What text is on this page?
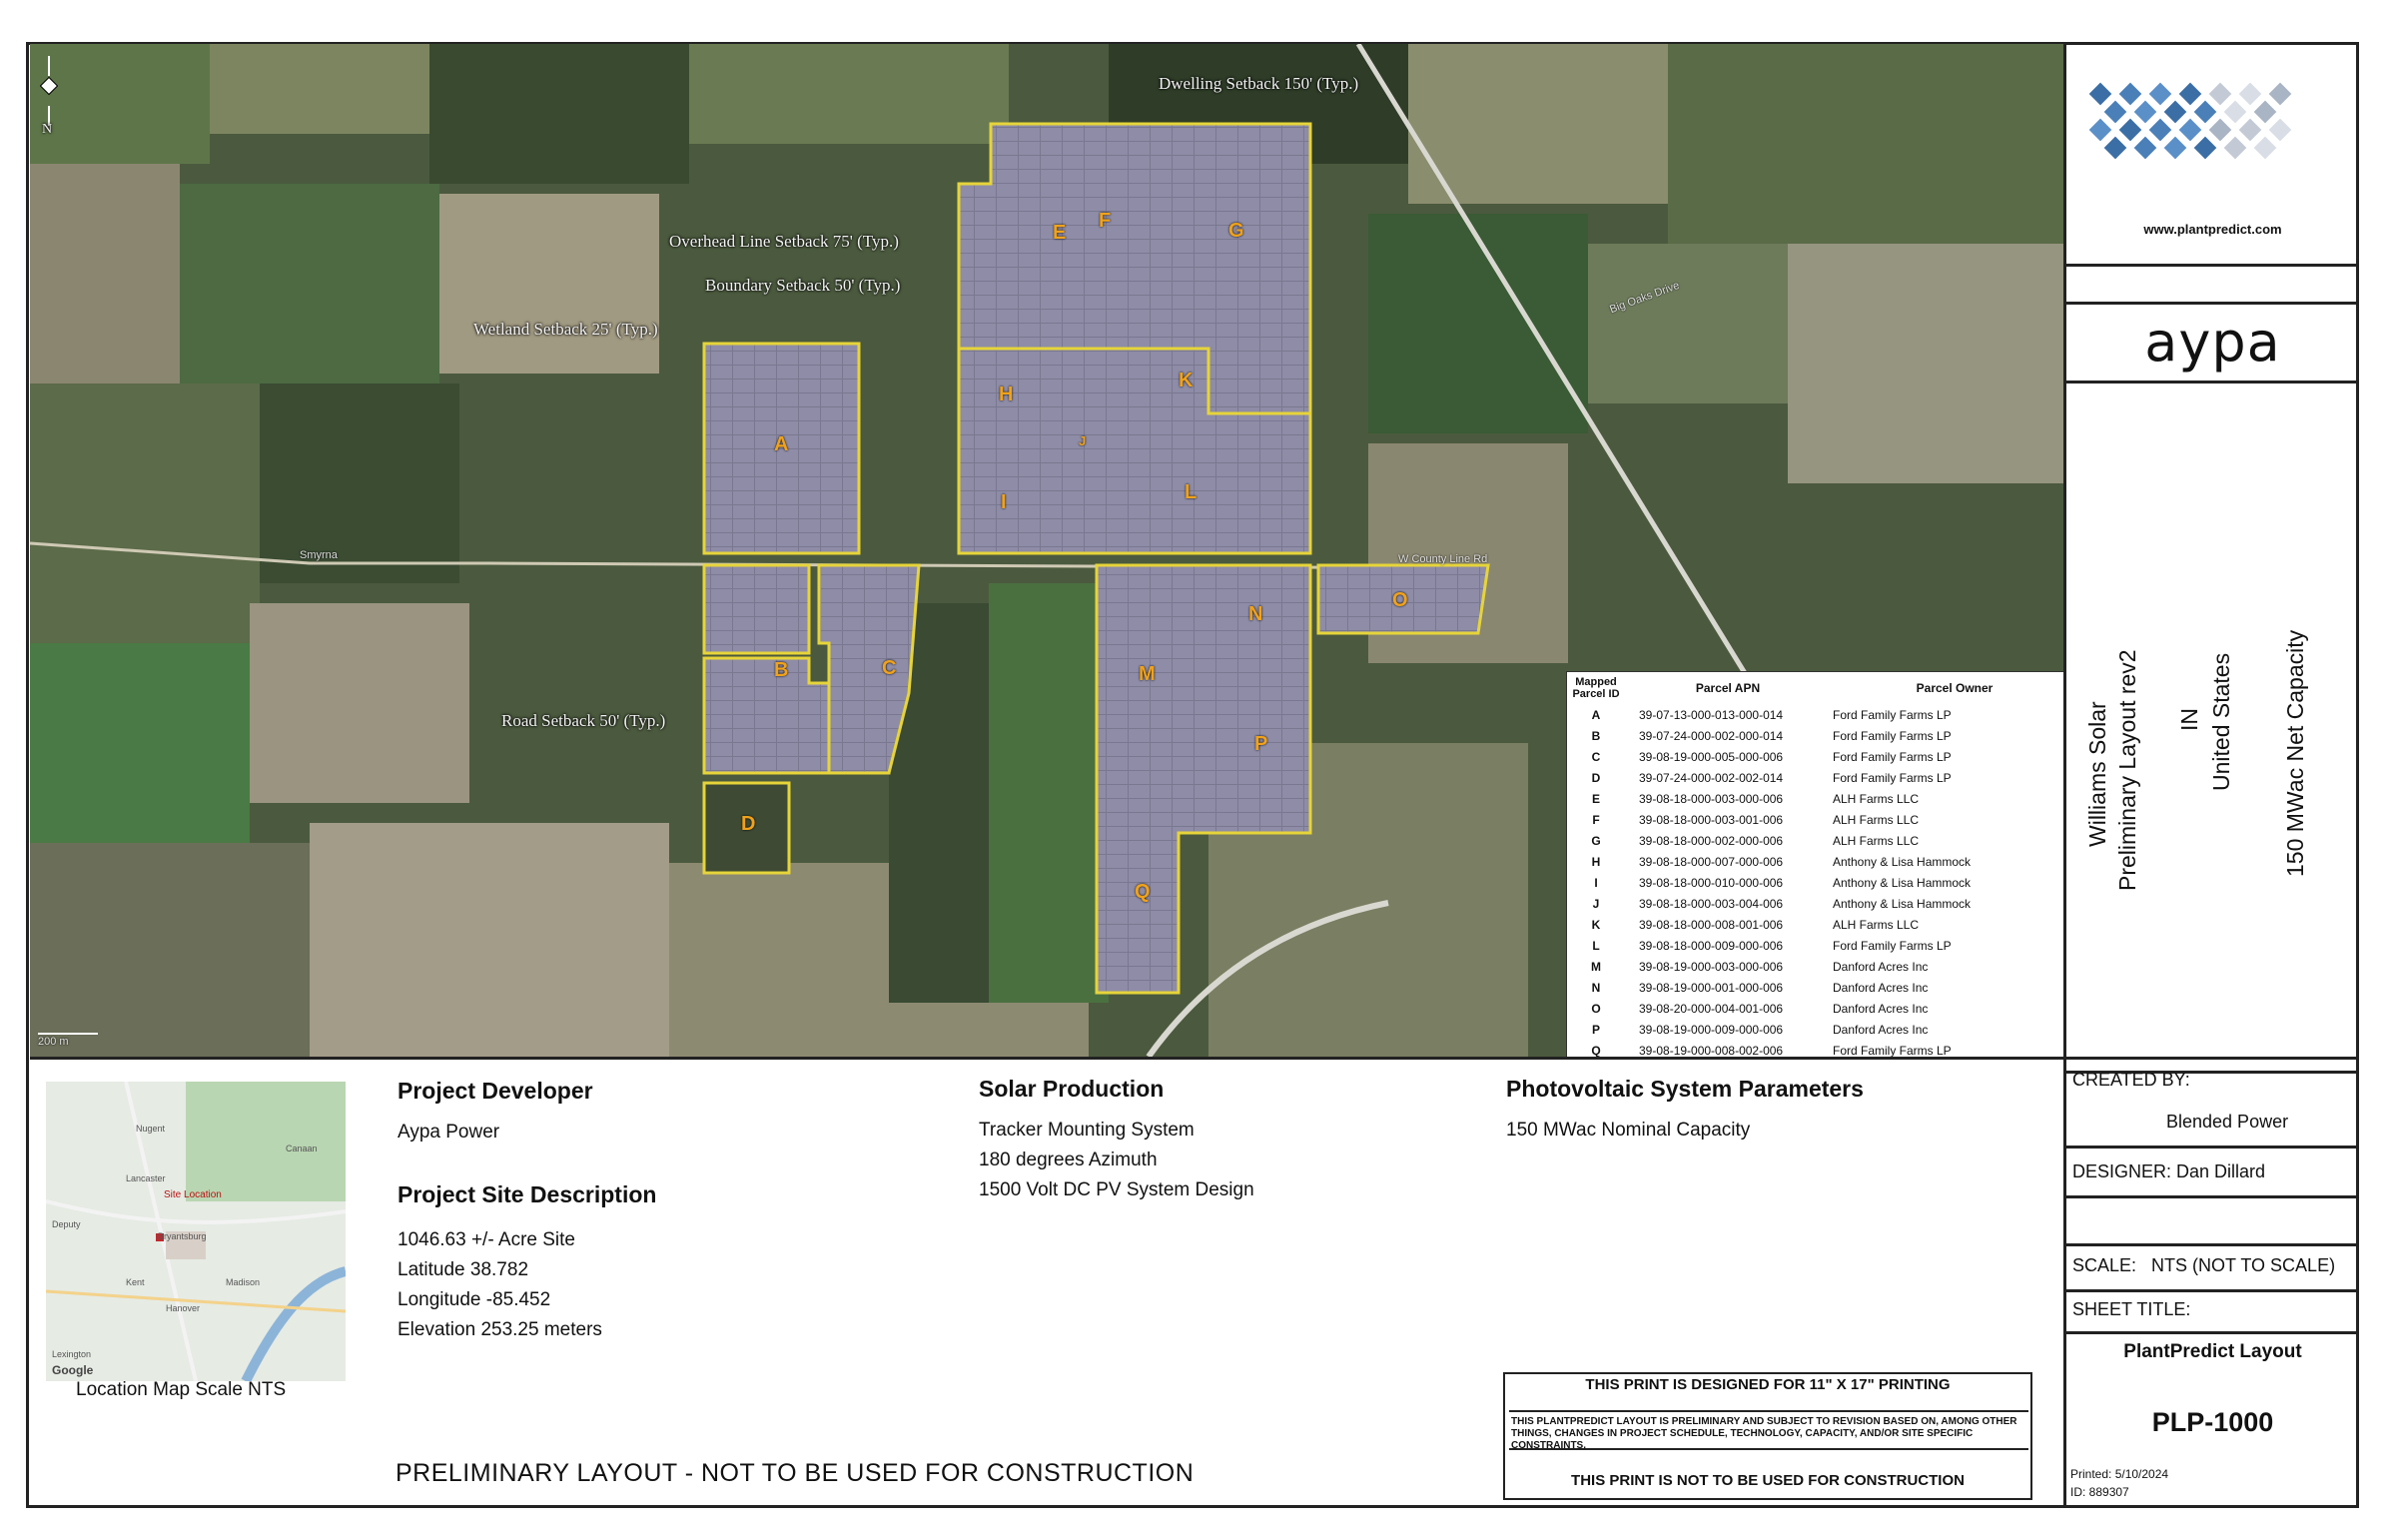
N
200 m
Dwelling Setback 150' (Typ.)
Overhead Line Setback 75' (Typ.)
Boundary Setback 50' (Typ.)
Wetland Setback 25' (Typ.)
Road Setback 50' (Typ.)
Smyrna	W County Line Rd
Big Oaks Drive
A
B	C
D
E
F	G
H
I
J
K
L
M
N
O
P
Q
Mapped Parcel ID	Parcel APN	Parcel Owner
A	39-07-13-000-013-000-014	Ford Family Farms LP
B	39-07-24-000-002-000-014	Ford Family Farms LP
C	39-08-19-000-005-000-006	Ford Family Farms LP
D	39-07-24-000-002-002-014	Ford Family Farms LP
E	39-08-18-000-003-000-006	ALH Farms LLC
F	39-08-18-000-003-001-006	ALH Farms LLC
G	39-08-18-000-002-000-006	ALH Farms LLC
H	39-08-18-000-007-000-006	Anthony & Lisa Hammock
I	39-08-18-000-010-000-006	Anthony & Lisa Hammock
J	39-08-18-000-003-004-006	Anthony & Lisa Hammock
K	39-08-18-000-008-001-006	ALH Farms LLC
L	39-08-18-000-009-000-006	Ford Family Farms LP
M	39-08-19-000-003-000-006	Danford Acres Inc
N	39-08-19-000-001-000-006	Danford Acres Inc
O	39-08-20-000-004-001-006	Danford Acres Inc
P	39-08-19-000-009-000-006	Danford Acres Inc
Q	39-08-19-000-008-002-006	Ford Family Farms LP
www.plantpredict.com
aypa
Williams Solar Preliminary Layout rev2 IN United States 150 MWac Net Capacity
Site Location
Nugent
Lancaster
Canaan
Deputy
Bryantsburg
Madison
Kent
Hanover
Lexington
Google
Location Map Scale NTS
Project Developer
Aypa Power
Project Site Description
1046.63 +/- Acre Site
Latitude 38.782
Longitude -85.452
Elevation 253.25 meters
Solar Production
Tracker Mounting System
180 degrees Azimuth
1500 Volt DC PV System Design
Photovoltaic System Parameters
150 MWac Nominal Capacity
PRELIMINARY LAYOUT - NOT TO BE USED FOR CONSTRUCTION
THIS PRINT IS DESIGNED FOR 11" X 17" PRINTING
THIS PLANTPREDICT LAYOUT IS PRELIMINARY AND SUBJECT TO REVISION BASED ON, AMONG OTHER THINGS, CHANGES IN PROJECT SCHEDULE, TECHNOLOGY, CAPACITY, AND/OR SITE SPECIFIC CONSTRAINTS.
THIS PRINT IS NOT TO BE USED FOR CONSTRUCTION
CREATED BY:
Blended Power
DESIGNER: Dan Dillard
SCALE:   NTS (NOT TO SCALE)
SHEET TITLE:
PlantPredict Layout
PLP-1000
Printed: 5/10/2024
ID: 889307
